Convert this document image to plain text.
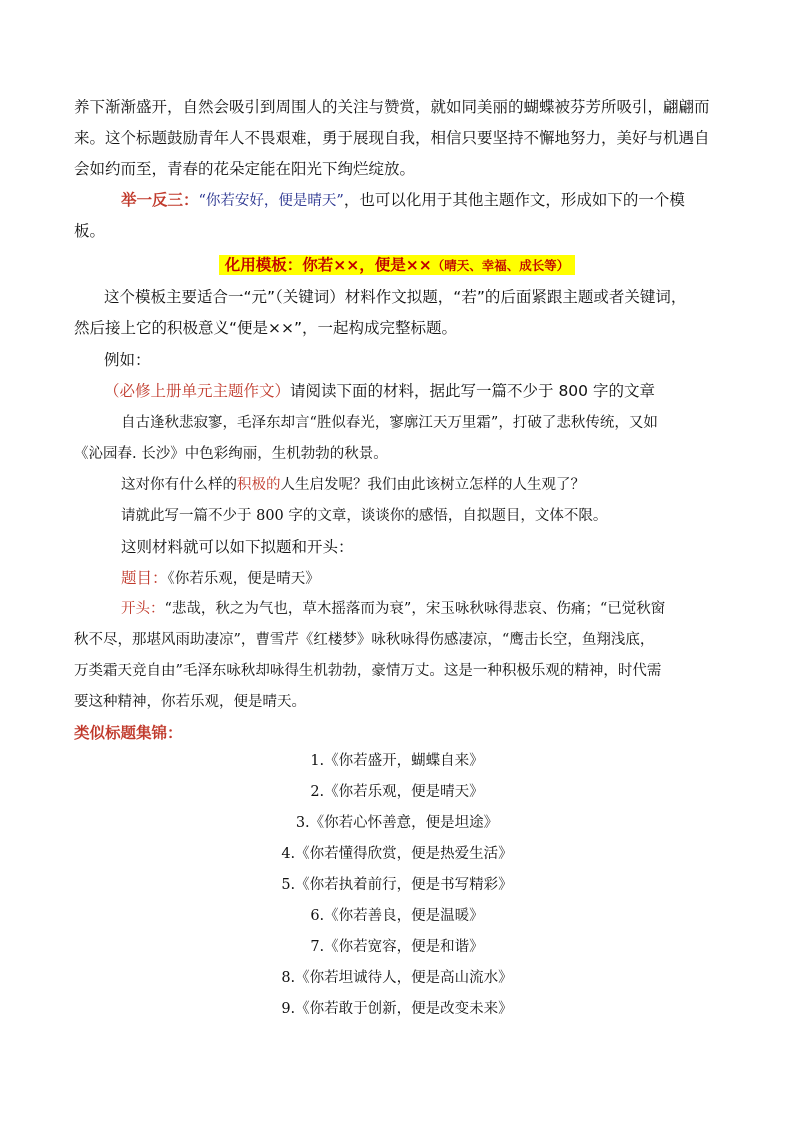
养下渐渐盛开，自然会吸引到周围人的关注与赞赏，就如同美丽的蝴蝶被芬芳所吸引，翩翩而
来。这个标题鼓励青年人不畏艰难，勇于展现自我，相信只要坚持不懈地努力，美好与机遇自
会如约而至，青春的花朵定能在阳光下绚烂绽放。
举一反三：“你若安好，便是晴天”，也可以化用于其他主题作文，形成如下的一个模
板。
化用模板：你若××，便是××（晴天、幸福、成长等）
这个模板主要适合一“元”（关键词）材料作文拟题，“若”的后面紧跟主题或者关键词，
然后接上它的积极意义“便是××”，一起构成完整标题。
例如：
（必修上册单元主题作文）请阅读下面的材料，据此写一篇不少于 800 字的文章
自古逢秋悲寂寥，毛泽东却言“胜似春光，寥廓江天万里霜”，打破了悲秋传统，又如
《沁园春. 长沙》中色彩绚丽，生机勃勃的秋景。
这对你有什么样的积极的人生启发呢？我们由此该树立怎样的人生观了？
请就此写一篇不少于 800 字的文章，谈谈你的感悟，自拟题目，文体不限。
这则材料就可以如下拟题和开头：
题目：《你若乐观，便是晴天》
开头：“悲哉，秋之为气也，草木摇落而为衰”，宋玉咏秋咏得悲哀、伤痛；“已觉秋窗
秋不尽，那堪风雨助凄凉”，曹雪芹《红楼梦》咏秋咏得伤感凄凉，“鹰击长空，鱼翔浅底，
万类霜天竞自由”毛泽东咏秋却咏得生机勃勃，豪情万丈。这是一种积极乐观的精神，时代需
要这种精神，你若乐观，便是晴天。
类似标题集锦：
1.《你若盛开，蝴蝶自来》
2.《你若乐观，便是晴天》
3.《你若心怀善意，便是坦途》
4.《你若懂得欣赏，便是热爱生活》
5.《你若执着前行，便是书写精彩》
6.《你若善良，便是温暖》
7.《你若宽容，便是和谐》
8.《你若坦诚待人，便是高山流水》
9.《你若敢于创新，便是改变未来》
